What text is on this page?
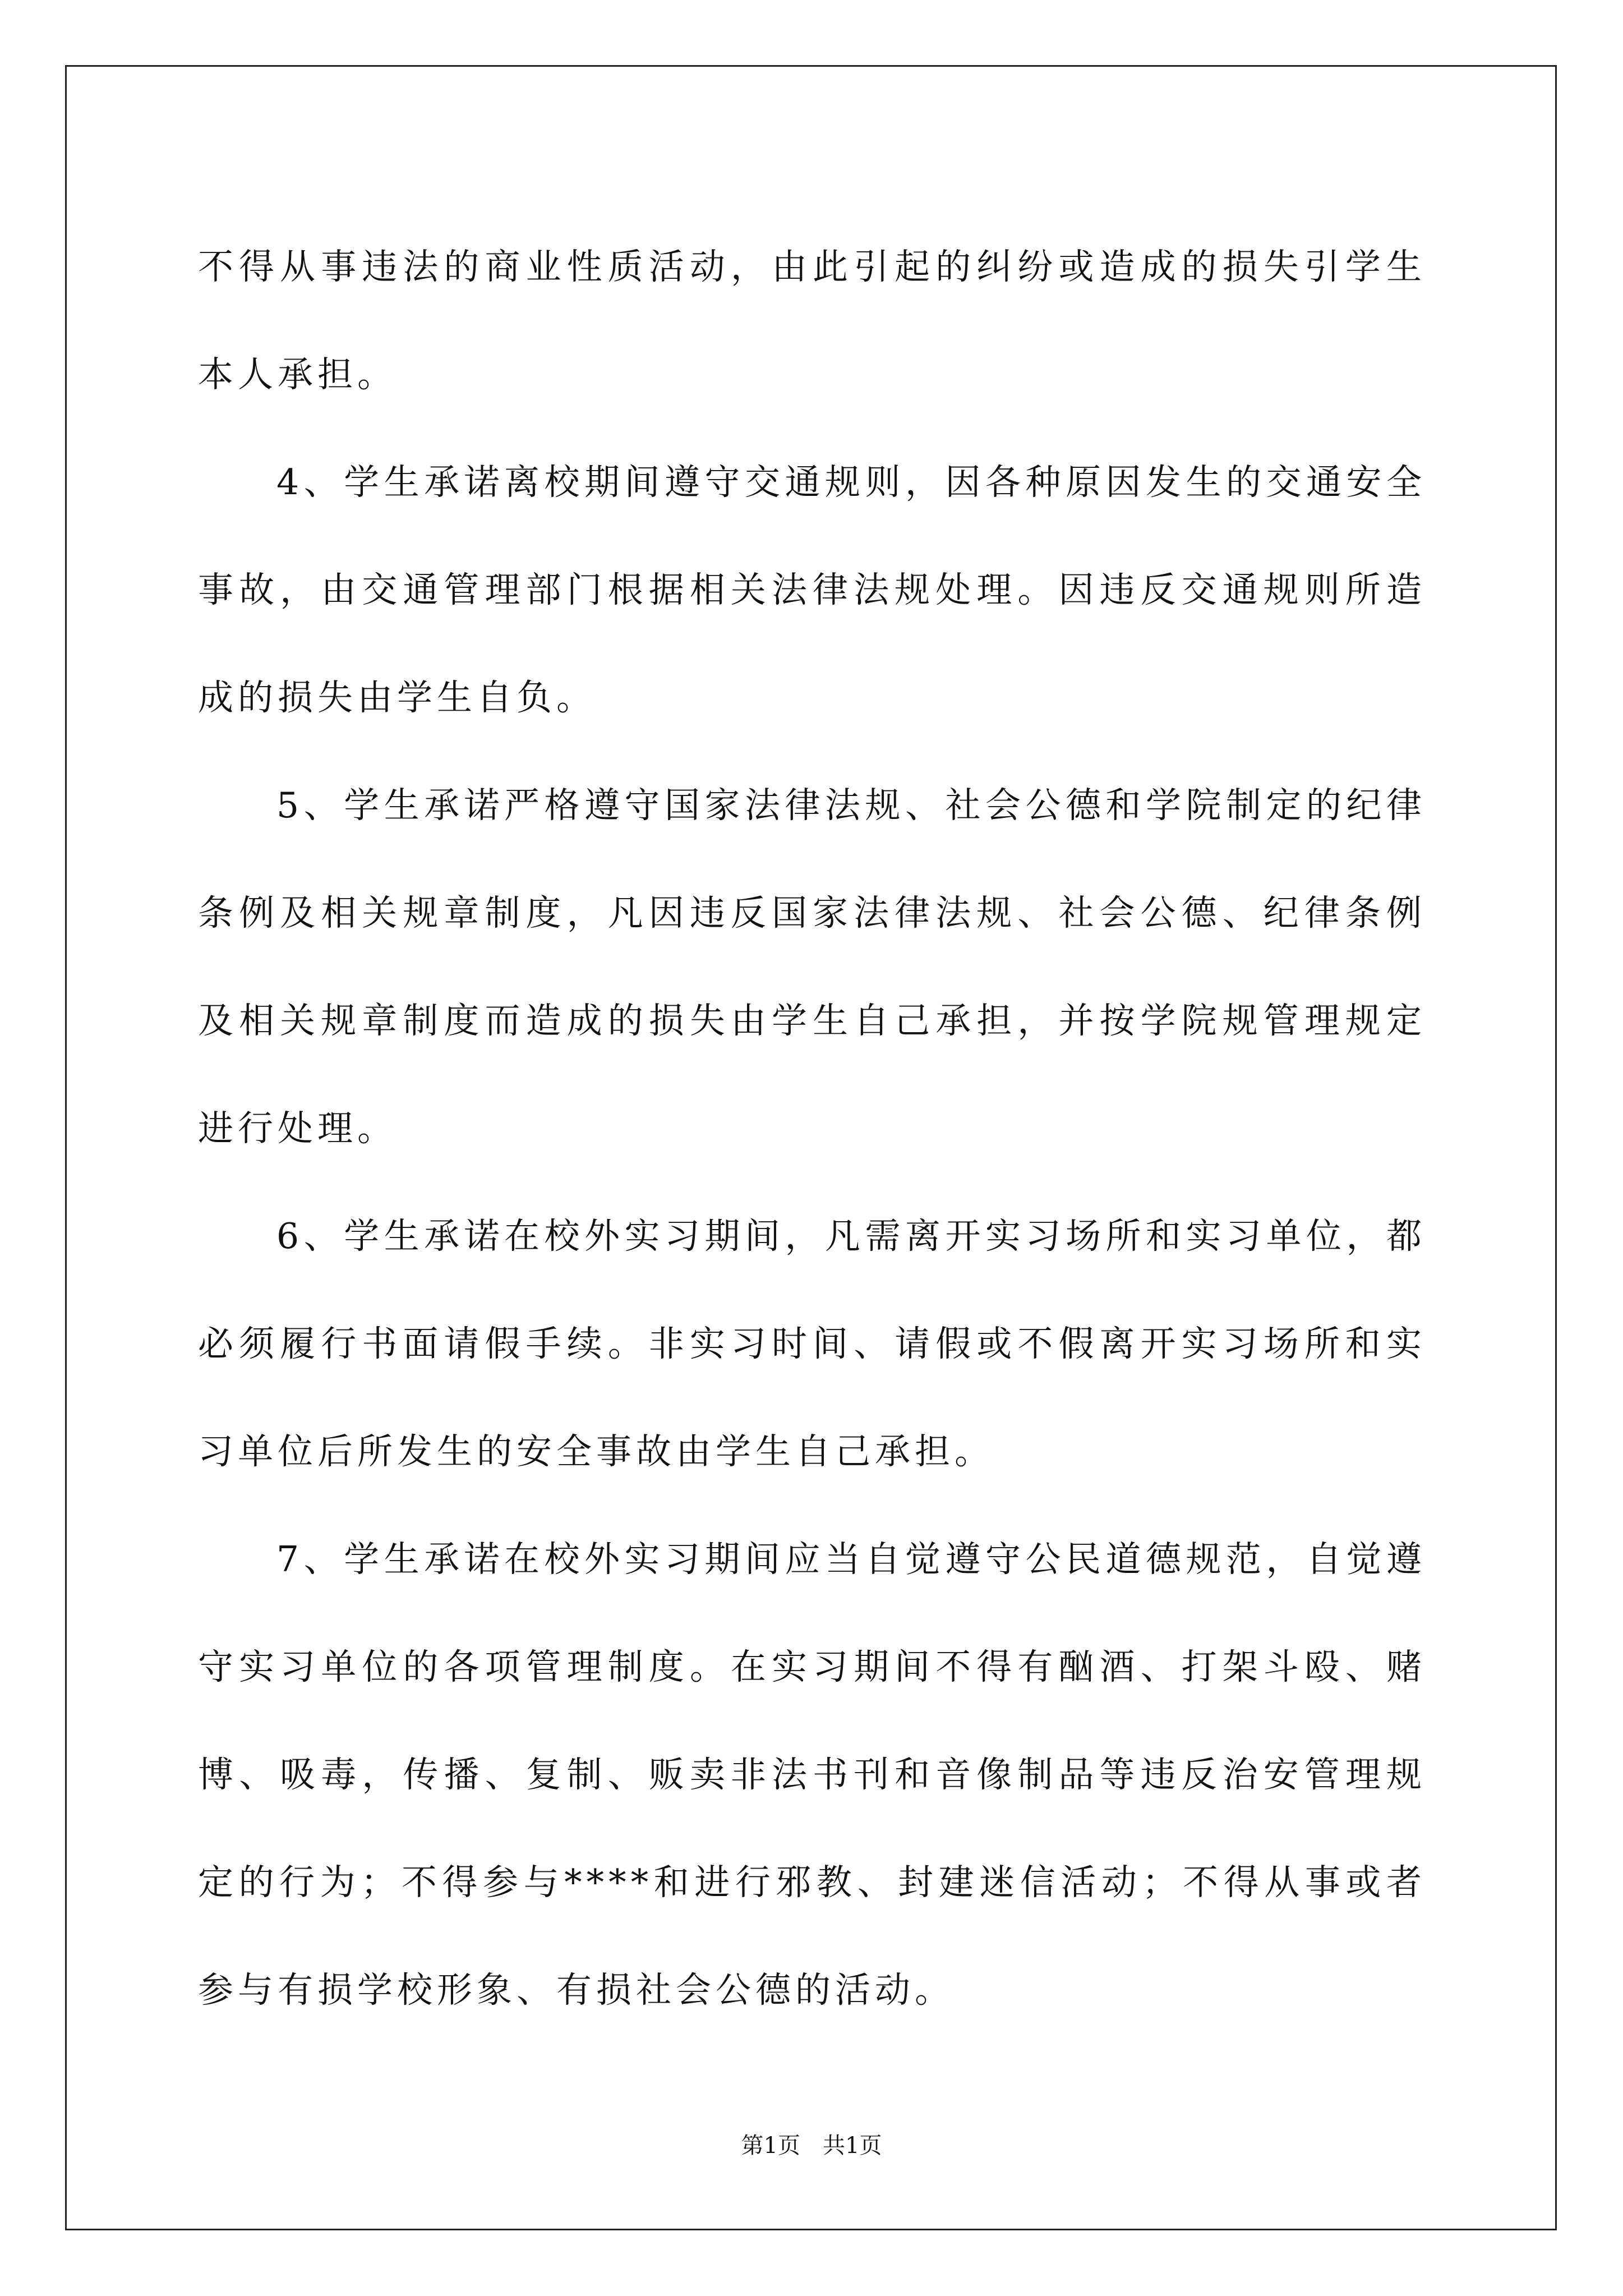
不得从事违法的商业性质活动，由此引起的纠纷或造成的损失引学生本人承担。

4、学生承诺离校期间遵守交通规则，因各种原因发生的交通安全事故，由交通管理部门根据相关法律法规处理。因违反交通规则所造成的损失由学生自负。

5、学生承诺严格遵守国家法律法规、社会公德和学院制定的纪律条例及相关规章制度，凡因违反国家法律法规、社会公德、纪律条例及相关规章制度而造成的损失由学生自己承担，并按学院规管理规定进行处理。

6、学生承诺在校外实习期间，凡需离开实习场所和实习单位，都必须履行书面请假手续。非实习时间、请假或不假离开实习场所和实习单位后所发生的安全事故由学生自己承担。

7、学生承诺在校外实习期间应当自觉遵守公民道德规范，自觉遵守实习单位的各项管理制度。在实习期间不得有酗酒、打架斗殴、赌博、吸毒，传播、复制、贩卖非法书刊和音像制品等违反治安管理规定的行为；不得参与****和进行邪教、封建迷信活动；不得从事或者参与有损学校形象、有损社会公德的活动。

第1页　共1页
